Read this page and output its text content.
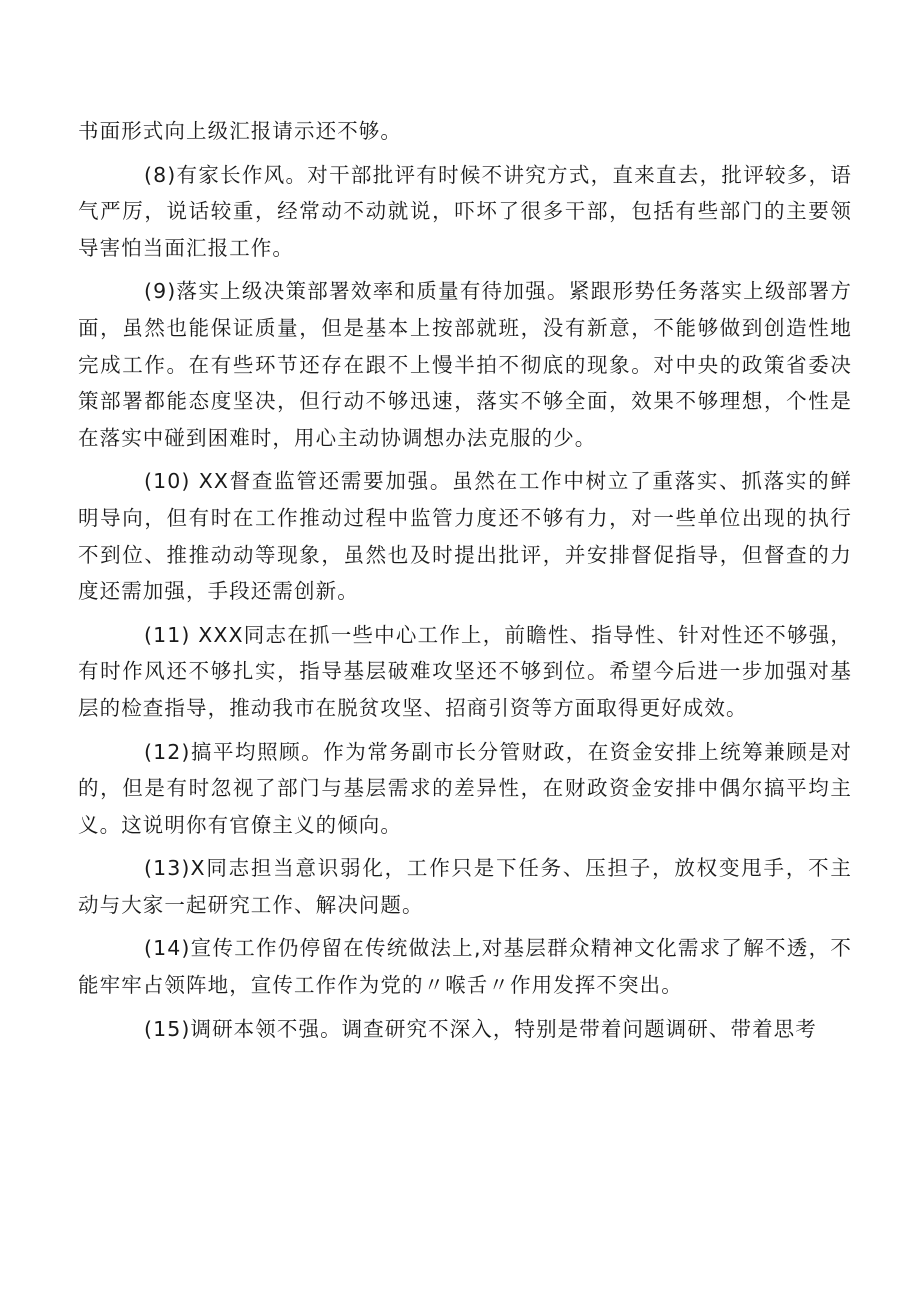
书面形式向上级汇报请示还不够。

(8)有家长作风。对干部批评有时候不讲究方式，直来直去，批评较多，语气严厉，说话较重，经常动不动就说，吓坏了很多干部，包括有些部门的主要领导害怕当面汇报工作。

(9)落实上级决策部署效率和质量有待加强。紧跟形势任务落实上级部署方面，虽然也能保证质量，但是基本上按部就班，没有新意，不能够做到创造性地完成工作。在有些环节还存在跟不上慢半拍不彻底的现象。对中央的政策省委决策部署都能态度坚决，但行动不够迅速，落实不够全面，效果不够理想，个性是在落实中碰到困难时，用心主动协调想办法克服的少。

(10) XX督查监管还需要加强。虽然在工作中树立了重落实、抓落实的鲜明导向，但有时在工作推动过程中监管力度还不够有力，对一些单位出现的执行不到位、推推动动等现象，虽然也及时提出批评，并安排督促指导，但督查的力度还需加强，手段还需创新。

(11) XXX同志在抓一些中心工作上，前瞻性、指导性、针对性还不够强，有时作风还不够扎实，指导基层破难攻坚还不够到位。希望今后进一步加强对基层的检查指导，推动我市在脱贫攻坚、招商引资等方面取得更好成效。

(12)搞平均照顾。作为常务副市长分管财政，在资金安排上统筹兼顾是对的，但是有时忽视了部门与基层需求的差异性，在财政资金安排中偶尔搞平均主义。这说明你有官僚主义的倾向。

(13)X同志担当意识弱化，工作只是下任务、压担子，放权变甩手，不主动与大家一起研究工作、解决问题。

(14)宣传工作仍停留在传统做法上,对基层群众精神文化需求了解不透，不能牢牢占领阵地，宣传工作作为党的〃喉舌〃作用发挥不突出。

(15)调研本领不强。调查研究不深入，特别是带着问题调研、带着思考
